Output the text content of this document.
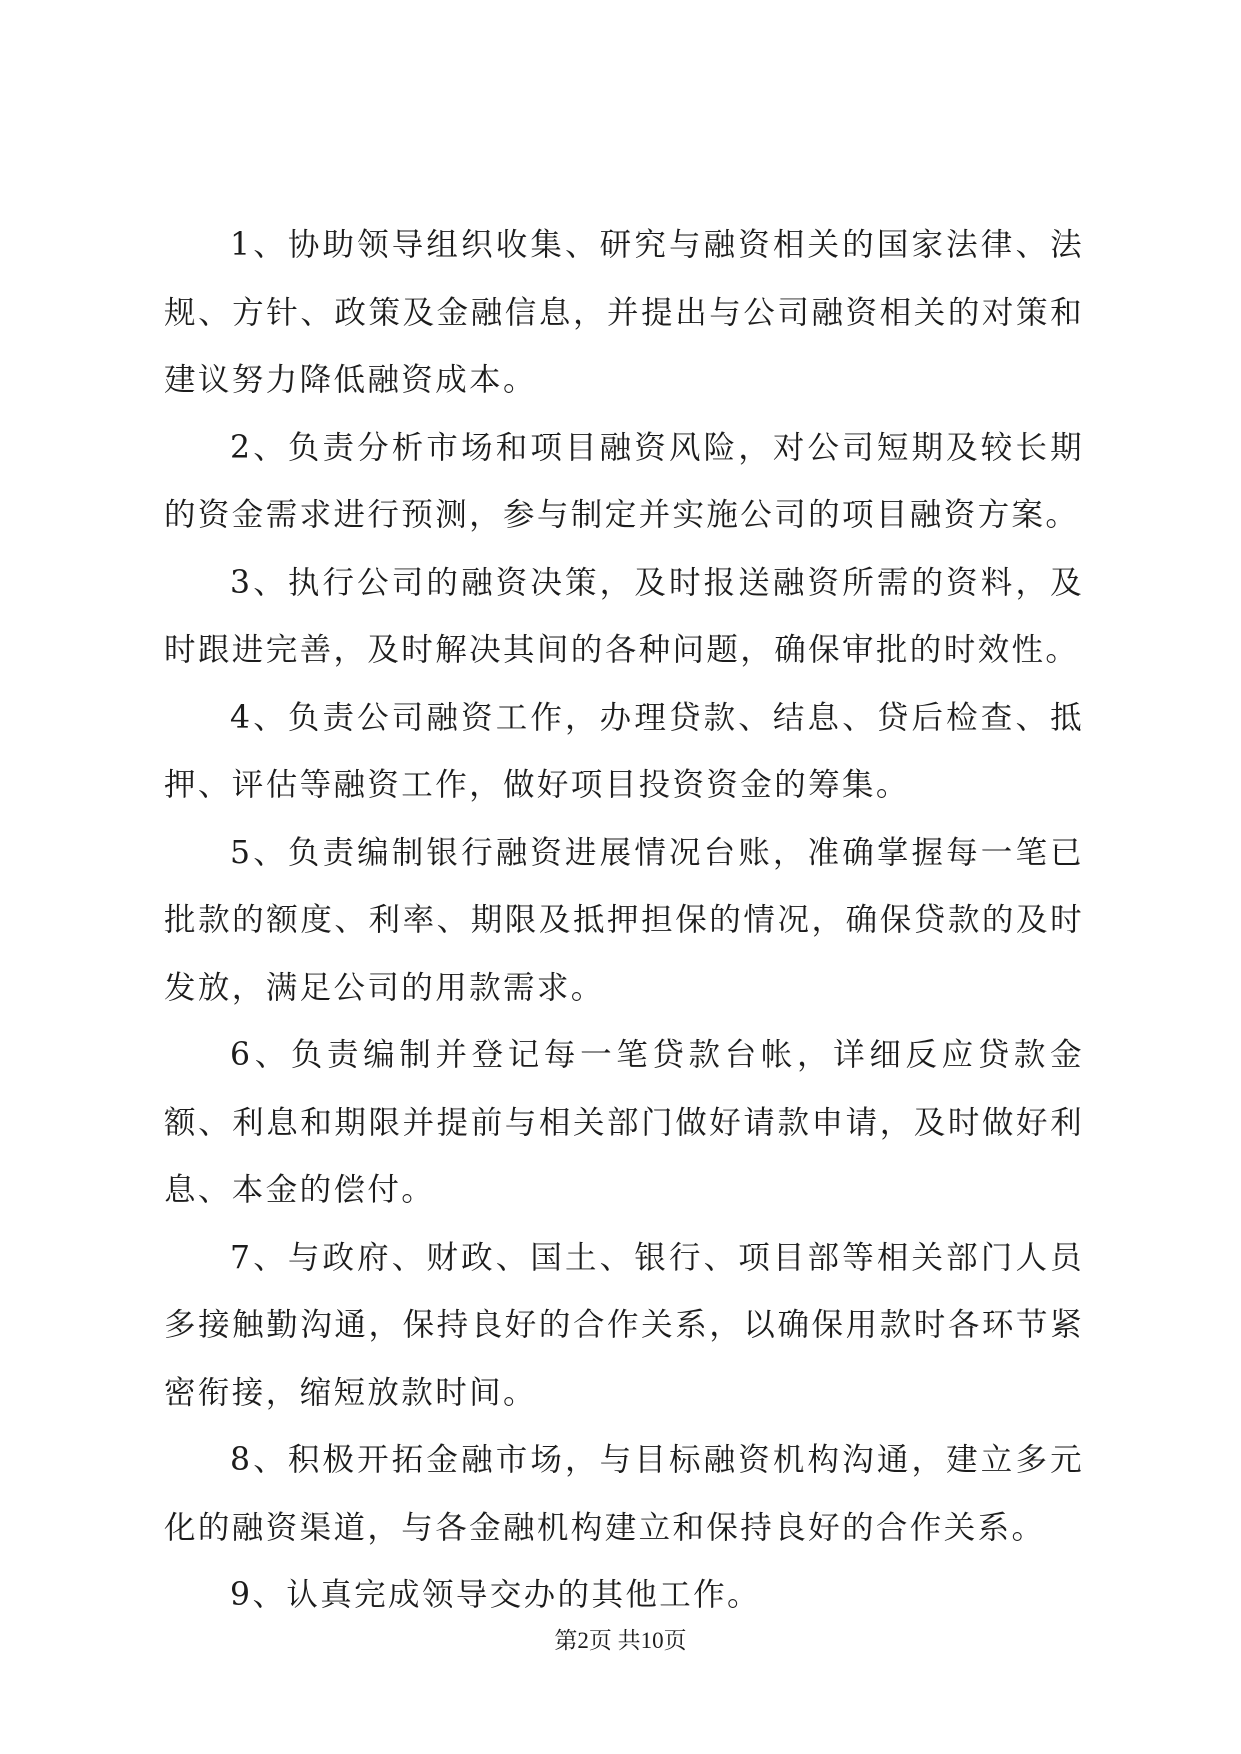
1、协助领导组织收集、研究与融资相关的国家法律、法规、方针、政策及金融信息，并提出与公司融资相关的对策和建议努力降低融资成本。

2、负责分析市场和项目融资风险，对公司短期及较长期的资金需求进行预测，参与制定并实施公司的项目融资方案。

3、执行公司的融资决策，及时报送融资所需的资料，及时跟进完善，及时解决其间的各种问题，确保审批的时效性。

4、负责公司融资工作，办理贷款、结息、贷后检查、抵押、评估等融资工作，做好项目投资资金的筹集。

5、负责编制银行融资进展情况台账，准确掌握每一笔已批款的额度、利率、期限及抵押担保的情况，确保贷款的及时发放，满足公司的用款需求。

6、负责编制并登记每一笔贷款台帐，详细反应贷款金额、利息和期限并提前与相关部门做好请款申请，及时做好利息、本金的偿付。

7、与政府、财政、国土、银行、项目部等相关部门人员多接触勤沟通，保持良好的合作关系，以确保用款时各环节紧密衔接，缩短放款时间。

8、积极开拓金融市场，与目标融资机构沟通，建立多元化的融资渠道，与各金融机构建立和保持良好的合作关系。

9、认真完成领导交办的其他工作。

第2页 共10页
